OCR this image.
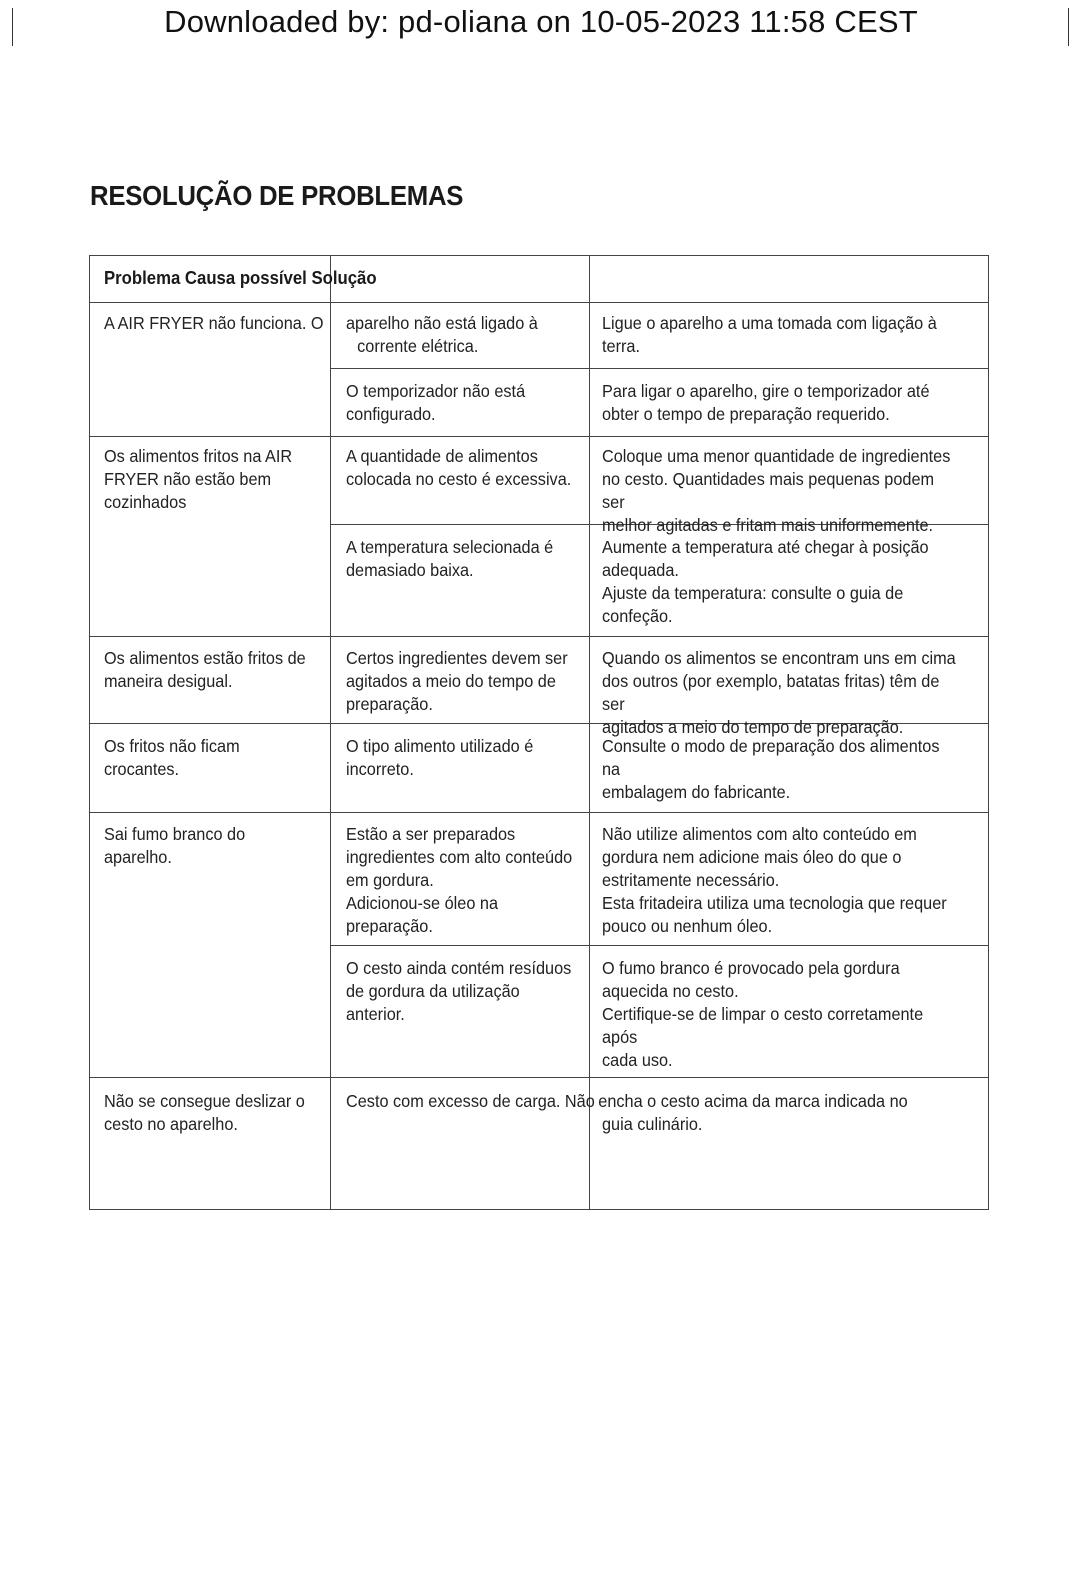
Downloaded by: pd-oliana on 10-05-2023 11:58 CEST
RESOLUÇÃO DE PROBLEMAS
Problema Causa possível Solução
A AIR FRYER não funciona. O aparelho não está ligado à
corrente elétrica.
Ligue o aparelho a uma tomada com ligação à
terra.
O temporizador não está
configurado.
Para ligar o aparelho, gire o temporizador até
obter o tempo de preparação requerido.
Os alimentos fritos na AIR
FRYER não estão bem
cozinhados
A quantidade de alimentos
colocada no cesto é excessiva.
Coloque uma menor quantidade de ingredientes
no cesto. Quantidades mais pequenas podem ser
melhor agitadas e fritam mais uniformemente.
A temperatura selecionada é
demasiado baixa.
Aumente a temperatura até chegar à posição
adequada.
Ajuste da temperatura: consulte o guia de
confeção.
Os alimentos estão fritos de
maneira desigual.
Certos ingredientes devem ser
agitados a meio do tempo de
preparação.
Quando os alimentos se encontram uns em cima
dos outros (por exemplo, batatas fritas) têm de ser
agitados a meio do tempo de preparação.
Os fritos não ficam
crocantes.
O tipo alimento utilizado é
incorreto.
Consulte o modo de preparação dos alimentos na
embalagem do fabricante.
Sai fumo branco do
aparelho.
Estão a ser preparados
ingredientes com alto conteúdo
em gordura.
Adicionou-se óleo na
preparação.
Não utilize alimentos com alto conteúdo em
gordura nem adicione mais óleo do que o
estritamente necessário.
Esta fritadeira utiliza uma tecnologia que requer
pouco ou nenhum óleo.
O cesto ainda contém resíduos
de gordura da utilização
anterior.
O fumo branco é provocado pela gordura
aquecida no cesto.
Certifique-se de limpar o cesto corretamente após
cada uso.
Não se consegue deslizar o
cesto no aparelho.
Cesto com excesso de carga. Não encha o cesto acima da marca indicada no
guia culinário.
